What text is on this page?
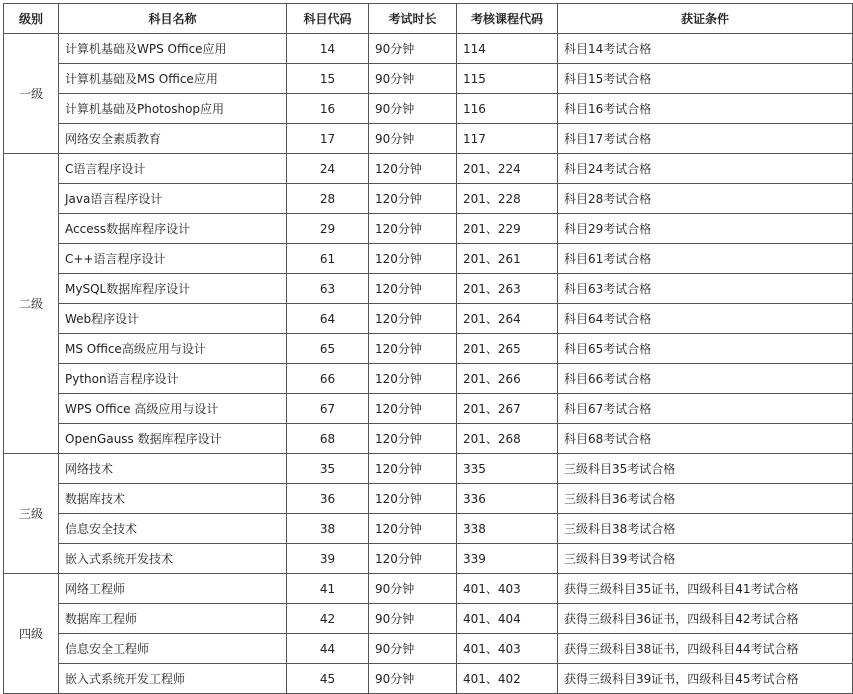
级别	科目名称	科目代码	考试时长	考核课程代码	获证条件
一级	计算机基础及WPS Office应用	14	90分钟	114	科目14考试合格
	计算机基础及MS Office应用	15	90分钟	115	科目15考试合格
	计算机基础及Photoshop应用	16	90分钟	116	科目16考试合格
	网络安全素质教育	17	90分钟	117	科目17考试合格
二级	C语言程序设计	24	120分钟	201、224	科目24考试合格
	Java语言程序设计	28	120分钟	201、228	科目28考试合格
	Access数据库程序设计	29	120分钟	201、229	科目29考试合格
	C++语言程序设计	61	120分钟	201、261	科目61考试合格
	MySQL数据库程序设计	63	120分钟	201、263	科目63考试合格
	Web程序设计	64	120分钟	201、264	科目64考试合格
	MS Office高级应用与设计	65	120分钟	201、265	科目65考试合格
	Python语言程序设计	66	120分钟	201、266	科目66考试合格
	WPS Office 高级应用与设计	67	120分钟	201、267	科目67考试合格
	OpenGauss 数据库程序设计	68	120分钟	201、268	科目68考试合格
三级	网络技术	35	120分钟	335	三级科目35考试合格
	数据库技术	36	120分钟	336	三级科目36考试合格
	信息安全技术	38	120分钟	338	三级科目38考试合格
	嵌入式系统开发技术	39	120分钟	339	三级科目39考试合格
四级	网络工程师	41	90分钟	401、403	获得三级科目35证书，四级科目41考试合格
	数据库工程师	42	90分钟	401、404	获得三级科目36证书，四级科目42考试合格
	信息安全工程师	44	90分钟	401、403	获得三级科目38证书，四级科目44考试合格
	嵌入式系统开发工程师	45	90分钟	401、402	获得三级科目39证书，四级科目45考试合格
